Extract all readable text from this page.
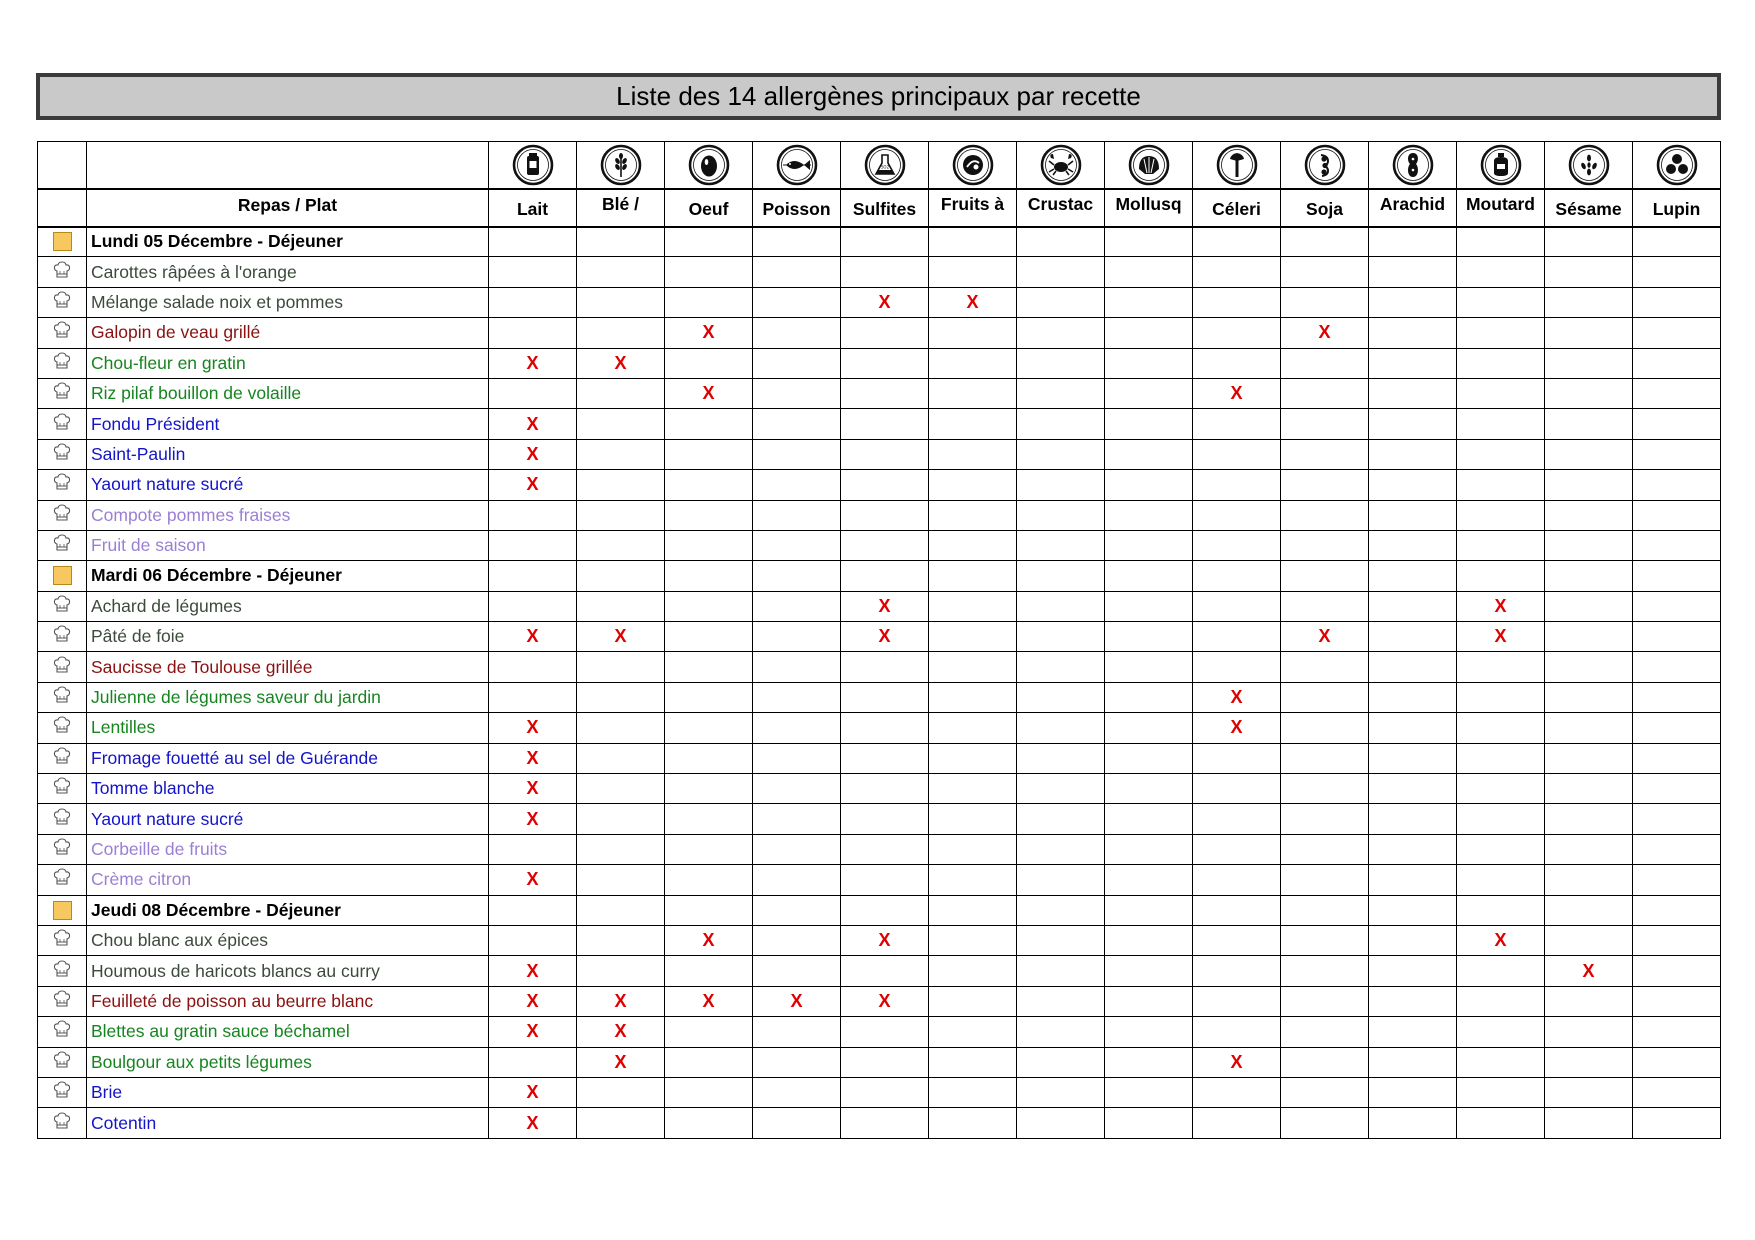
Liste des 14 allergènes principaux par recette

SO2

	Repas / Plat	Lait	Blé /	Oeuf	Poisson	Sulfites	Fruits à	Crustac	Mollusq	Céleri	Soja	Arachid	Moutard	Sésame	Lupin
	Lundi 05 Décembre - Déjeuner														
	Carottes râpées à l'orange														
	Mélange salade noix et pommes					X	X								
	Galopin de veau grillé			X							X				
	Chou-fleur en gratin	X	X												
	Riz pilaf bouillon de volaille			X						X					
	Fondu Président	X													
	Saint-Paulin	X													
	Yaourt nature sucré	X													
	Compote pommes fraises														
	Fruit de saison														
	Mardi 06 Décembre - Déjeuner														
	Achard de légumes					X							X		
	Pâté de foie	X	X			X					X		X		
	Saucisse de Toulouse grillée														
	Julienne de légumes saveur du jardin									X					
	Lentilles	X								X					
	Fromage fouetté au sel de Guérande	X													
	Tomme blanche	X													
	Yaourt nature sucré	X													
	Corbeille de fruits														
	Crème citron	X													
	Jeudi 08 Décembre - Déjeuner														
	Chou blanc aux épices			X		X							X		
	Houmous de haricots blancs au curry	X												X	
	Feuilleté de poisson au beurre blanc	X	X	X	X	X									
	Blettes au gratin sauce béchamel	X	X												
	Boulgour aux petits légumes		X							X					
	Brie	X													
	Cotentin	X													
